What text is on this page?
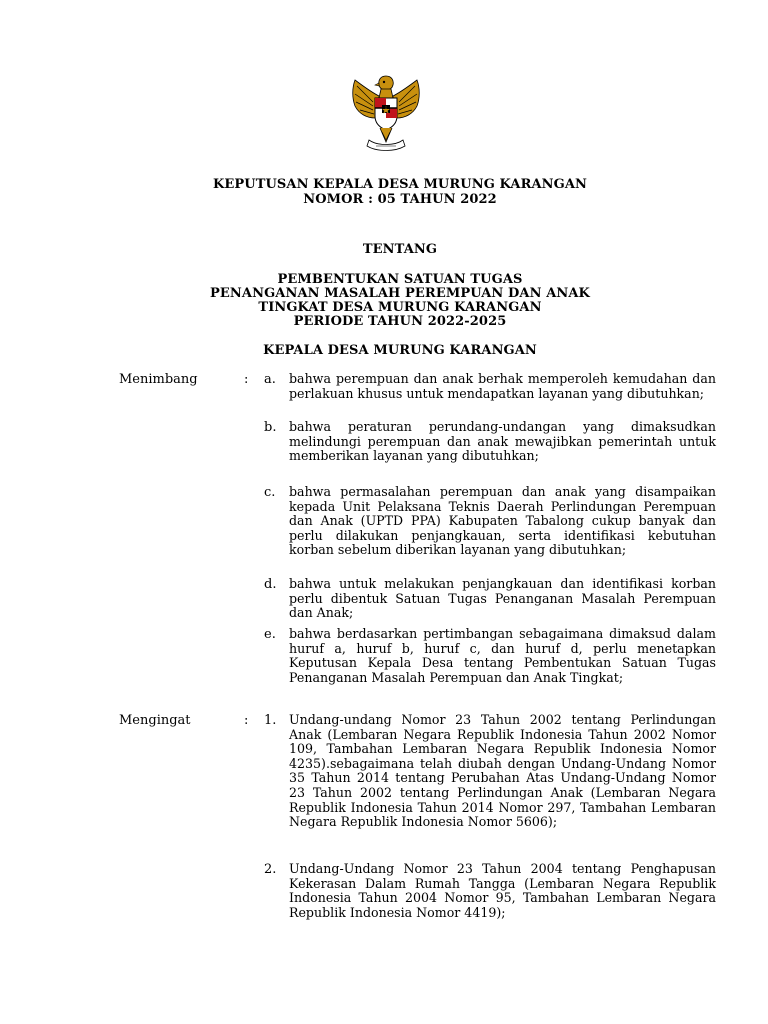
KEPUTUSAN KEPALA DESA MURUNG KARANGAN
NOMOR : 05 TAHUN 2022
TENTANG
PEMBENTUKAN SATUAN TUGAS
PENANGANAN MASALAH PEREMPUAN DAN ANAK
TINGKAT DESA MURUNG KARANGAN
PERIODE TAHUN 2022-2025
KEPALA DESA MURUNG KARANGAN
Menimbang	: a. bahwa perempuan dan anak berhak memperoleh kemudahan dan perlakuan khusus untuk mendapatkan layanan yang dibutuhkan;
b. bahwa peraturan perundang-undangan yang dimaksudkan melindungi perempuan dan anak mewajibkan pemerintah untuk memberikan layanan yang dibutuhkan;
c. bahwa permasalahan perempuan dan anak yang disampaikan kepada Unit Pelaksana Teknis Daerah Perlindungan Perempuan dan Anak (UPTD PPA) Kabupaten Tabalong cukup banyak dan perlu dilakukan penjangkauan, serta identifikasi kebutuhan korban sebelum diberikan layanan yang dibutuhkan;
d. bahwa untuk melakukan penjangkauan dan identifikasi korban perlu dibentuk Satuan Tugas Penanganan Masalah Perempuan dan Anak;
e. bahwa berdasarkan pertimbangan sebagaimana dimaksud dalam huruf a, huruf b, huruf c, dan huruf d, perlu menetapkan Keputusan Kepala Desa tentang Pembentukan Satuan Tugas Penanganan Masalah Perempuan dan Anak Tingkat;
Mengingat	: 1. Undang-undang Nomor 23 Tahun 2002 tentang Perlindungan Anak (Lembaran Negara Republik Indonesia Tahun 2002 Nomor 109, Tambahan Lembaran Negara Republik Indonesia Nomor 4235).sebagaimana telah diubah dengan Undang-Undang Nomor 35 Tahun 2014 tentang Perubahan Atas Undang-Undang Nomor 23 Tahun 2002 tentang Perlindungan Anak (Lembaran Negara Republik Indonesia Tahun 2014 Nomor 297, Tambahan Lembaran Negara Republik Indonesia Nomor 5606);
2. Undang-Undang Nomor 23 Tahun 2004 tentang Penghapusan Kekerasan Dalam Rumah Tangga (Lembaran Negara Republik Indonesia Tahun 2004 Nomor 95, Tambahan Lembaran Negara Republik Indonesia Nomor 4419);
